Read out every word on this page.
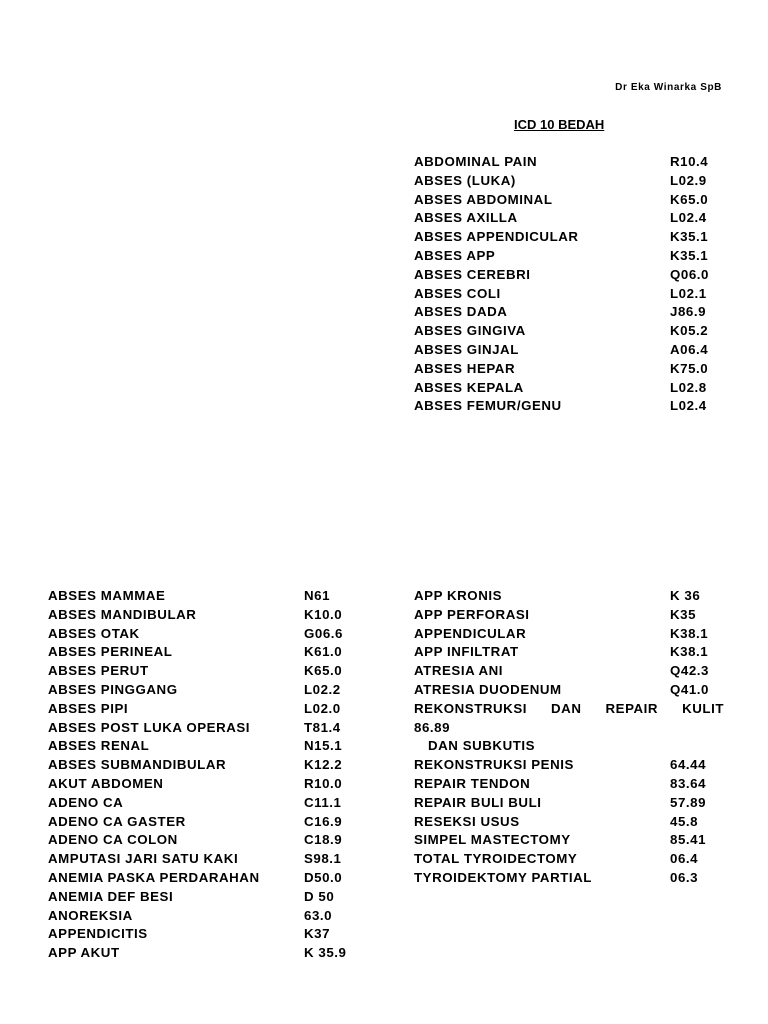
Dr Eka Winarka SpB
ICD 10 BEDAH
ABDOMINAL PAIN	R10.4
ABSES (LUKA)	L02.9
ABSES ABDOMINAL	K65.0
ABSES AXILLA	L02.4
ABSES APPENDICULAR	K35.1
ABSES APP	K35.1
ABSES CEREBRI	Q06.0
ABSES COLI	L02.1
ABSES DADA	J86.9
ABSES GINGIVA	K05.2
ABSES GINJAL	A06.4
ABSES HEPAR	K75.0
ABSES KEPALA	L02.8
ABSES FEMUR/GENU	L02.4
ABSES MAMMAE	N61
ABSES MANDIBULAR	K10.0
ABSES OTAK	G06.6
ABSES PERINEAL	K61.0
ABSES PERUT	K65.0
ABSES PINGGANG	L02.2
ABSES PIPI	L02.0
ABSES POST LUKA OPERASI	T81.4
ABSES RENAL	N15.1
ABSES SUBMANDIBULAR	K12.2
AKUT ABDOMEN	R10.0
ADENO CA	C11.1
ADENO CA GASTER	C16.9
ADENO CA COLON	C18.9
AMPUTASI JARI SATU KAKI	S98.1
ANEMIA PASKA PERDARAHAN	D50.0
ANEMIA DEF BESI	D 50
ANOREKSIA	63.0
APPENDICITIS	K37
APP AKUT	K 35.9
APP KRONIS	K 36
APP PERFORASI	K35
APPENDICULAR	K38.1
APP INFILTRAT	K38.1
ATRESIA ANI	Q42.3
ATRESIA DUODENUM	Q41.0
REKONSTRUKSI DAN REPAIR KULIT
86.89
DAN SUBKUTIS
REKONSTRUKSI PENIS	64.44
REPAIR TENDON	83.64
REPAIR BULI BULI	57.89
RESEKSI USUS	45.8
SIMPEL MASTECTOMY	85.41
TOTAL TYROIDECTOMY	06.4
TYROIDEKTOMY PARTIAL	06.3
